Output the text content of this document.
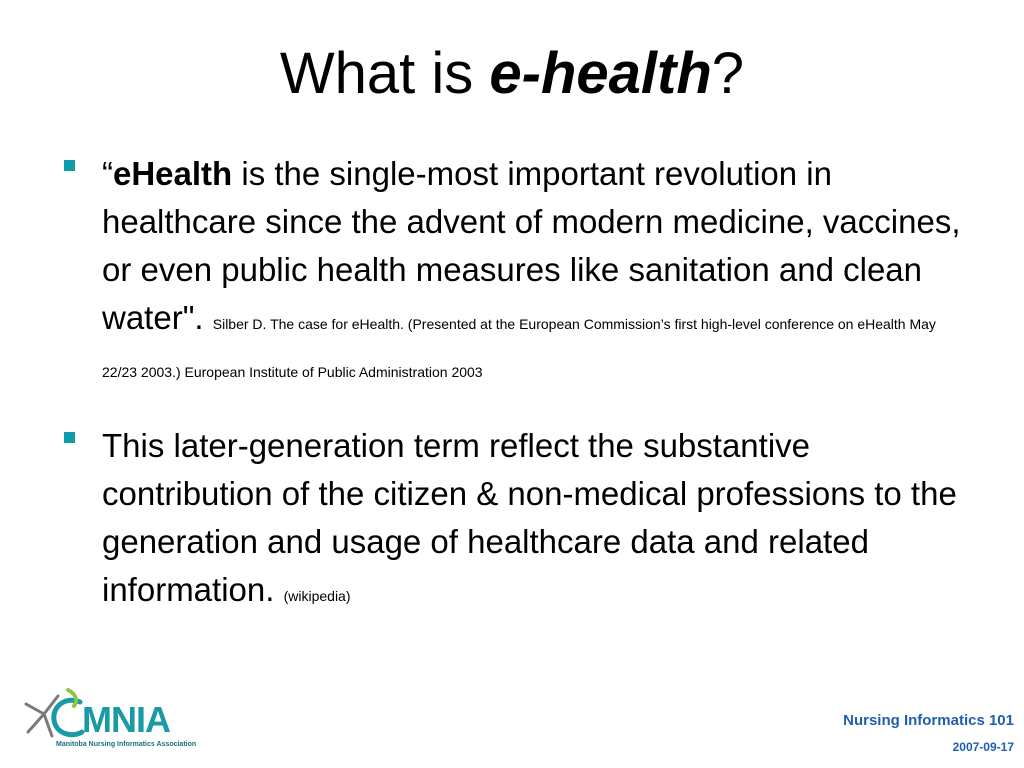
What is e-health?
“eHealth is the single-most important revolution in healthcare since the advent of modern medicine, vaccines, or even public health measures like sanitation and clean water". Silber D. The case for eHealth. (Presented at the European Commission’s first high-level conference on eHealth May 22/23 2003.) European Institute of Public Administration 2003
This later-generation term reflect the substantive contribution of the citizen & non-medical professions to the generation and usage of healthcare data and related information. (wikipedia)
MNIA
Manitoba Nursing Informatics Association
Nursing Informatics 101
2007-09-17
